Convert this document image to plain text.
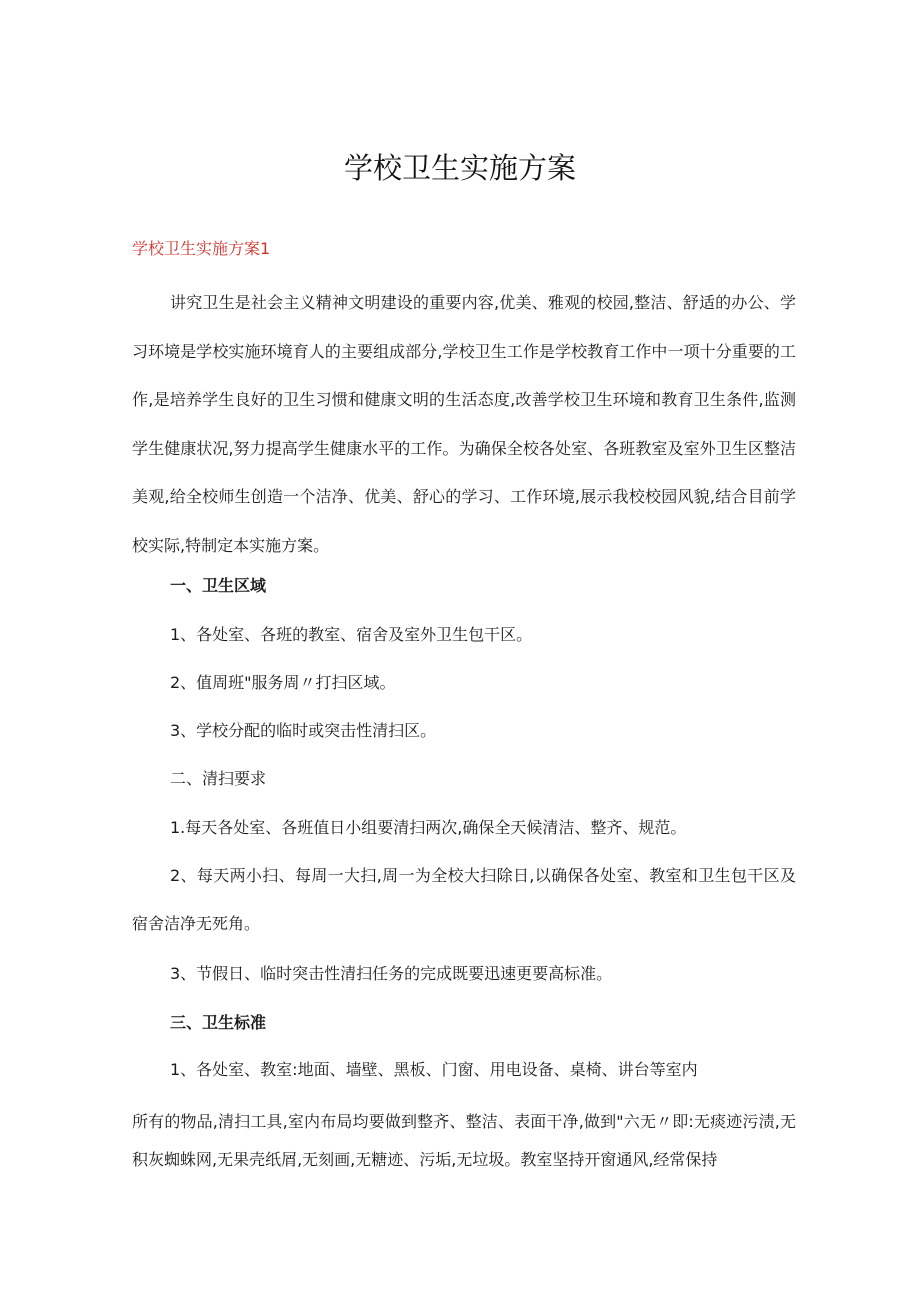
学校卫生实施方案
学校卫生实施方案1

讲究卫生是社会主义精神文明建设的重要内容,优美、雅观的校园,整洁、舒适的办公、学习环境是学校实施环境育人的主要组成部分,学校卫生工作是学校教育工作中一项十分重要的工作,是培养学生良好的卫生习惯和健康文明的生活态度,改善学校卫生环境和教育卫生条件,监测学生健康状况,努力提高学生健康水平的工作。为确保全校各处室、各班教室及室外卫生区整洁美观,给全校师生创造一个洁净、优美、舒心的学习、工作环境,展示我校校园风貌,结合目前学校实际,特制定本实施方案。

一、卫生区域
1、各处室、各班的教室、宿舍及室外卫生包干区。
2、值周班"服务周〃打扫区域。
3、学校分配的临时或突击性清扫区。
二、清扫要求
1.每天各处室、各班值日小组要清扫两次,确保全天候清洁、整齐、规范。
2、每天两小扫、每周一大扫,周一为全校大扫除日,以确保各处室、教室和卫生包干区及宿舍洁净无死角。
3、节假日、临时突击性清扫任务的完成既要迅速更要高标准。
三、卫生标准
1、各处室、教室:地面、墙壁、黑板、门窗、用电设备、桌椅、讲台等室内
所有的物品,清扫工具,室内布局均要做到整齐、整洁、表面干净,做到"六无〃即:无痰迹污渍,无积灰蜘蛛网,无果壳纸屑,无刻画,无糖迹、污垢,无垃圾。教室坚持开窗通风,经常保持
